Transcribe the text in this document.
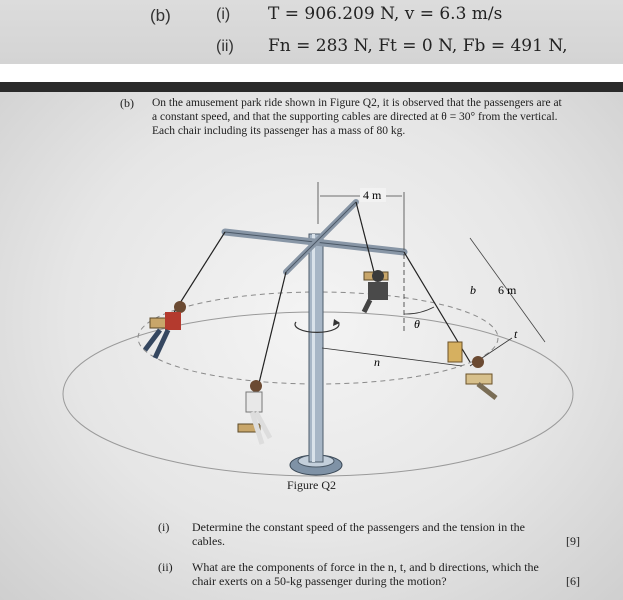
(b)	(i) T = 906.209 N, v = 6.3 m/s
(ii) Fn = 283 N, Ft = 0 N, Fb = 491 N,
(b) On the amusement park ride shown in Figure Q2, it is observed that the passengers are at a constant speed, and that the supporting cables are directed at θ = 30° from the vertical. Each chair including its passenger has a mass of 80 kg.

4 m
θ
6 m
b
t
n
Figure Q2
(i) Determine the constant speed of the passengers and the tension in the cables.	[9]
(ii) What are the components of force in the n, t, and b directions, which the chair exerts on a 50-kg passenger during the motion?	[6]
